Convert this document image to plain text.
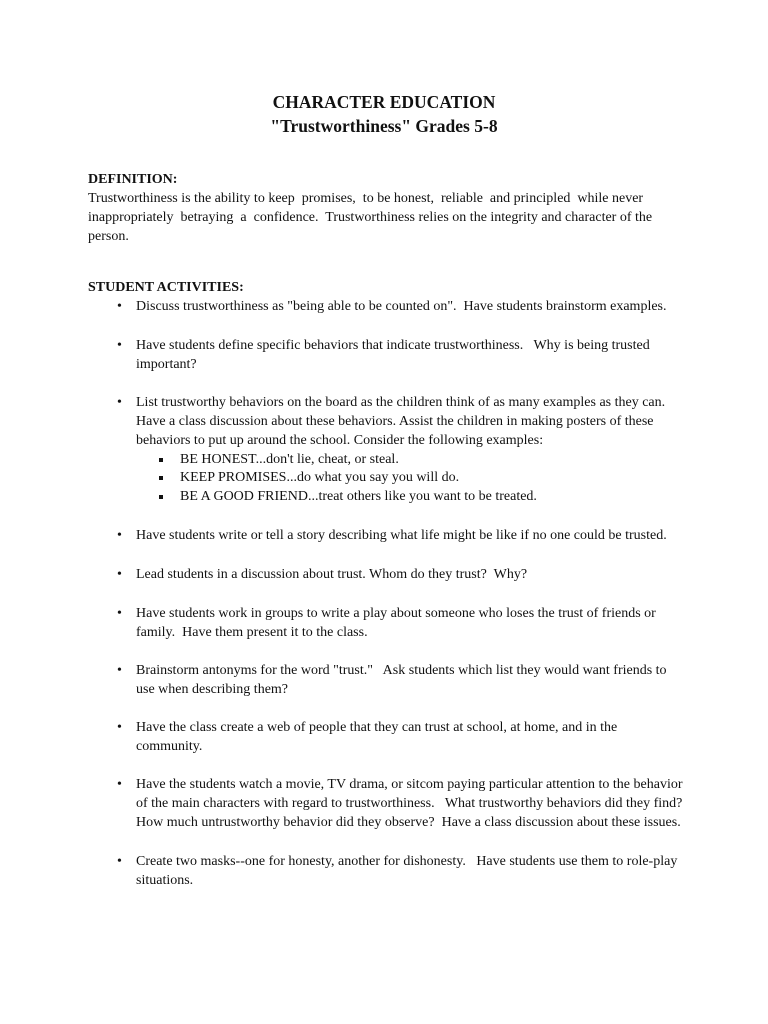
CHARACTER EDUCATION
"Trustworthiness" Grades 5-8
DEFINITION:
Trustworthiness is the ability to keep  promises,  to be honest,  reliable  and principled  while never
inappropriately  betraying  a  confidence.  Trustworthiness relies on the integrity and character of the
person.
STUDENT ACTIVITIES:
• Discuss trustworthiness as "being able to be counted on".  Have students brainstorm examples.
• Have students define specific behaviors that indicate trustworthiness.   Why is being trusted
important?
• List trustworthy behaviors on the board as the children think of as many examples as they can.
Have a class discussion about these behaviors. Assist the children in making posters of these
behaviors to put up around the school. Consider the following examples:
BE HONEST...don't lie, cheat, or steal.
KEEP PROMISES...do what you say you will do.
BE A GOOD FRIEND...treat others like you want to be treated.
• Have students write or tell a story describing what life might be like if no one could be trusted.
• Lead students in a discussion about trust. Whom do they trust?  Why?
• Have students work in groups to write a play about someone who loses the trust of friends or
family.  Have them present it to the class.
• Brainstorm antonyms for the word "trust."   Ask students which list they would want friends to
use when describing them?
• Have the class create a web of people that they can trust at school, at home, and in the
community.
• Have the students watch a movie, TV drama, or sitcom paying particular attention to the behavior
of the main characters with regard to trustworthiness.   What trustworthy behaviors did they find?
How much untrustworthy behavior did they observe?  Have a class discussion about these issues.
• Create two masks--one for honesty, another for dishonesty.   Have students use them to role-play
situations.
